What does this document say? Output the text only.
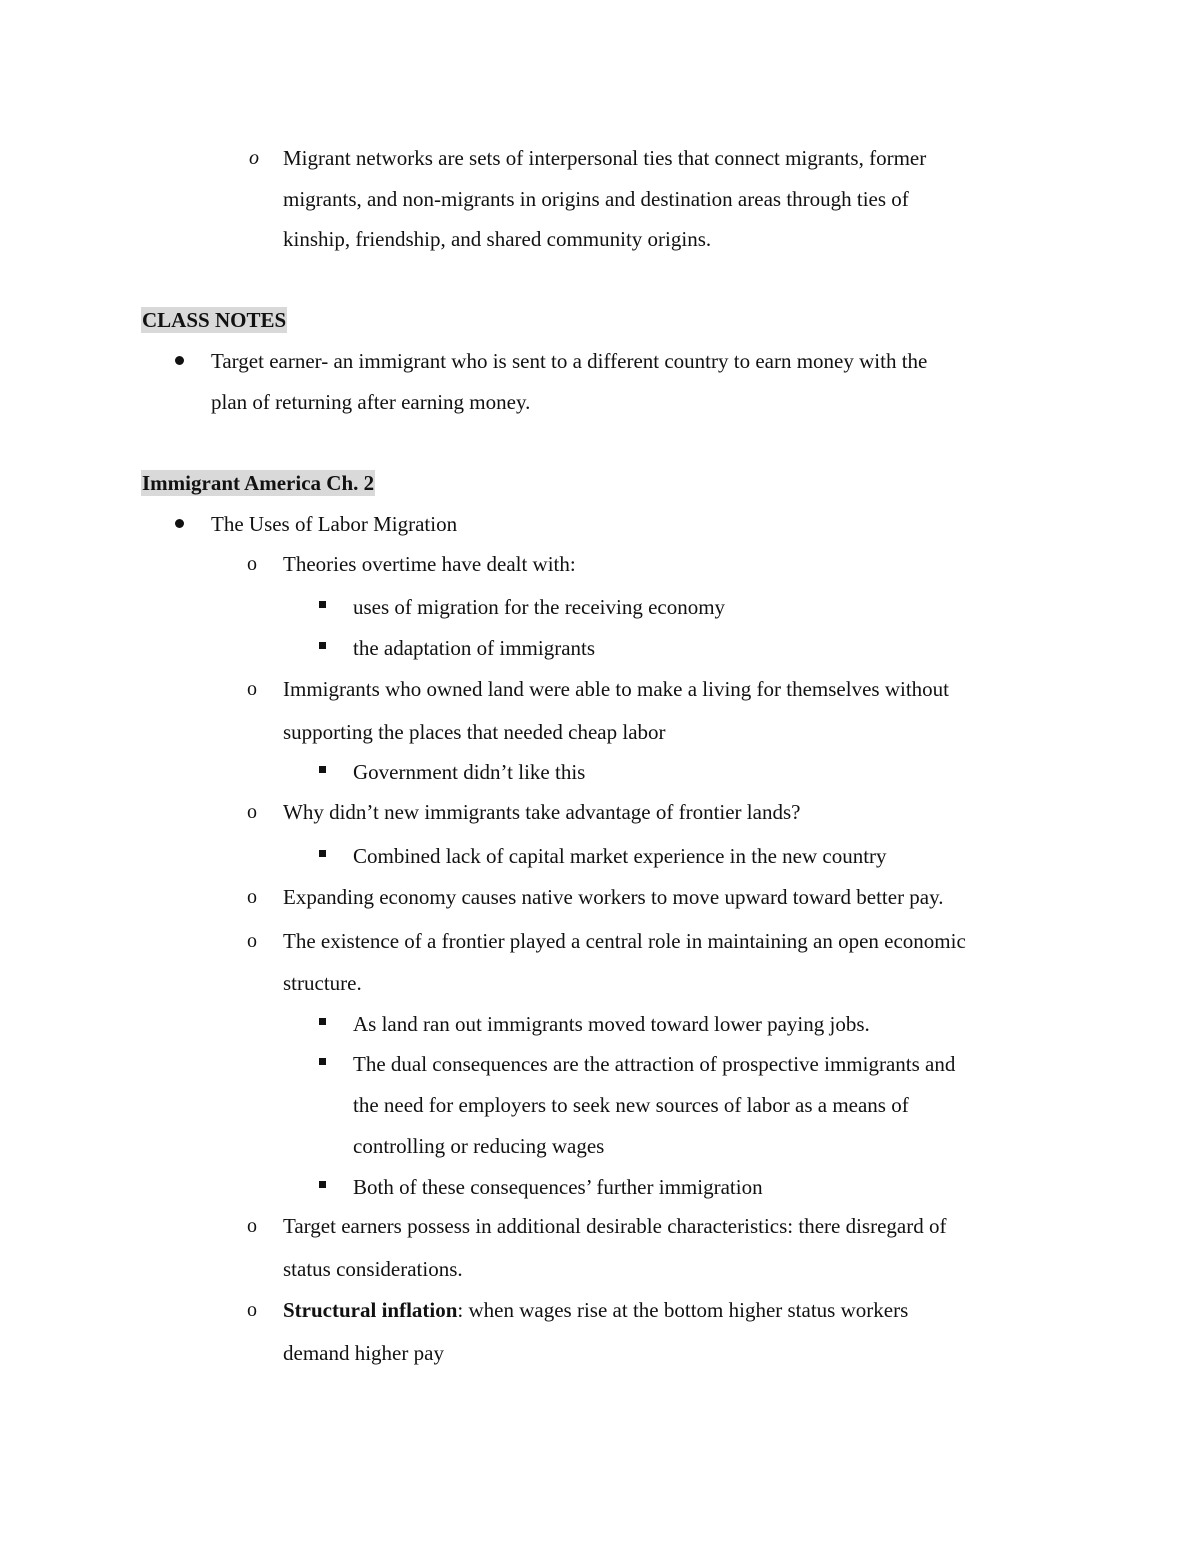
o Migrant networks are sets of interpersonal ties that connect migrants, former
migrants, and non-migrants in origins and destination areas through ties of
kinship, friendship, and shared community origins.
CLASS NOTES
Target earner- an immigrant who is sent to a different country to earn money with the
plan of returning after earning money.
Immigrant America Ch. 2
The Uses of Labor Migration
o Theories overtime have dealt with:
uses of migration for the receiving economy
the adaptation of immigrants
o Immigrants who owned land were able to make a living for themselves without
supporting the places that needed cheap labor
Government didn’t like this
o Why didn’t new immigrants take advantage of frontier lands?
Combined lack of capital market experience in the new country
o Expanding economy causes native workers to move upward toward better pay.
o The existence of a frontier played a central role in maintaining an open economic
structure.
As land ran out immigrants moved toward lower paying jobs.
The dual consequences are the attraction of prospective immigrants and
the need for employers to seek new sources of labor as a means of
controlling or reducing wages
Both of these consequences’ further immigration
o Target earners possess in additional desirable characteristics: there disregard of
status considerations.
o Structural inflation: when wages rise at the bottom higher status workers
demand higher pay
